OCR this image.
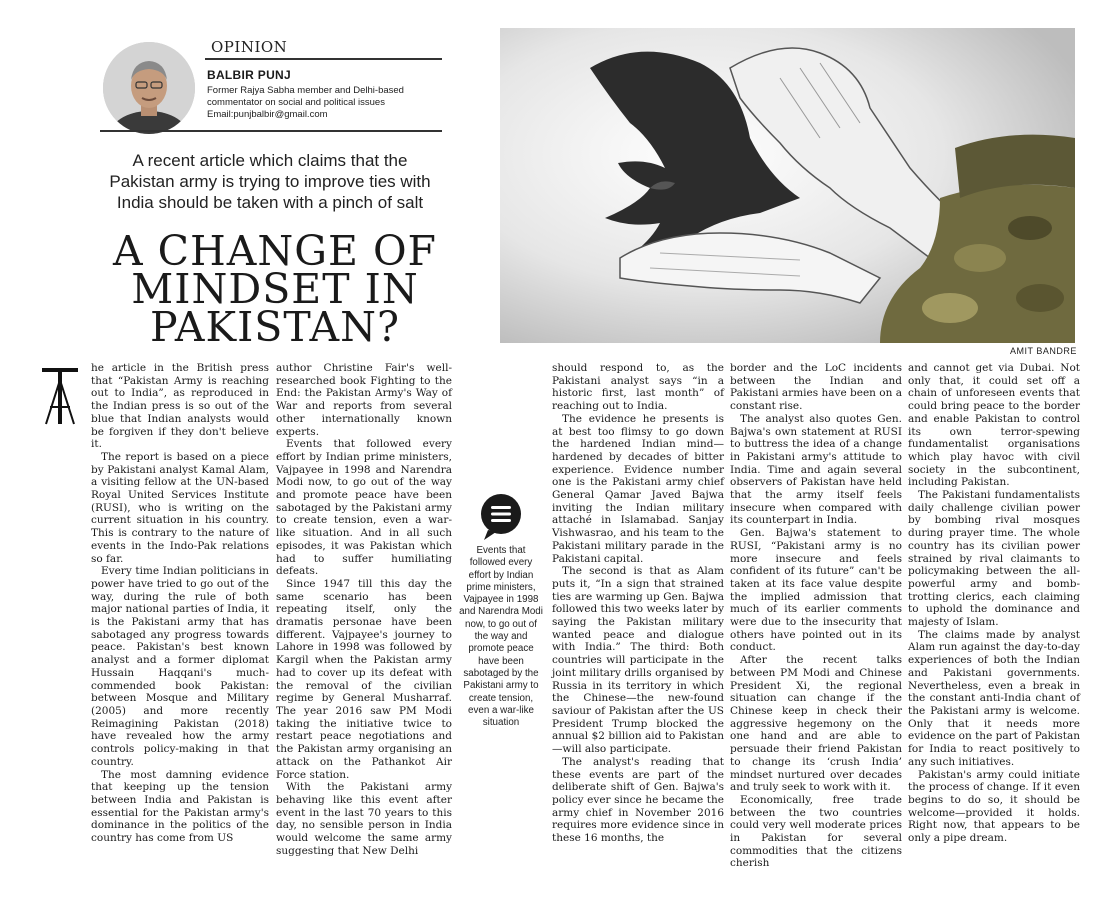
OPINION
BALBIR PUNJ
Former Rajya Sabha member and Delhi-based commentator on social and political issues
Email:punjbalbir@gmail.com
A recent article which claims that the Pakistan army is trying to improve ties with India should be taken with a pinch of salt
A CHANGE OF MINDSET IN PAKISTAN?	AMIT BANDRE

he article in the British press that “Pakistan Army is reaching out to India”, as reproduced in the Indian press is so out of the blue that Indian analysts would be forgiven if they don't believe it.

The report is based on a piece by Pakistani analyst Kamal Alam, a visiting fellow at the UN-based Royal United Services Institute (RUSI), who is writing on the current situation in his country. This is contrary to the nature of events in the Indo-Pak relations so far.

Every time Indian politicians in power have tried to go out of the way, during the rule of both major national parties of India, it is the Pakistani army that has sabotaged any progress towards peace. Pakistan's best known analyst and a former diplomat Hussain Haqqani's much-commended book Pakistan: between Mosque and Military (2005) and more recently Reimagining Pakistan (2018) have revealed how the army controls policy-making in that country.

The most damning evidence that keeping up the tension between India and Pakistan is essential for the Pakistan army's dominance in the politics of the country has come from US

author Christine Fair's well-researched book Fighting to the End: the Pakistan Army's Way of War and reports from several other internationally known experts.

Events that followed every effort by Indian prime ministers, Vajpayee in 1998 and Narendra Modi now, to go out of the way and promote peace have been sabotaged by the Pakistani army to create tension, even a war-like situation. And in all such episodes, it was Pakistan which had to suffer humiliating defeats.

Since 1947 till this day the same scenario has been repeating itself, only the dramatis personae have been different. Vajpayee's journey to Lahore in 1998 was followed by Kargil when the Pakistan army had to cover up its defeat with the removal of the civilian regime by General Musharraf. The year 2016 saw PM Modi taking the initiative twice to restart peace negotiations and the Pakistan army organising an attack on the Pathankot Air Force station.

With the Pakistani army behaving like this event after event in the last 70 years to this day, no sensible person in India would welcome the same army suggesting that New Delhi

Events that followed every effort by Indian prime ministers, Vajpayee in 1998 and Narendra Modi now, to go out of the way and promote peace have been sabotaged by the Pakistani army to create tension, even a war-like situation

should respond to, as the Pakistani analyst says “in a historic first, last month” of reaching out to India.

The evidence he presents is at best too flimsy to go down the hardened Indian mind—hardened by decades of bitter experience. Evidence number one is the Pakistani army chief General Qamar Javed Bajwa inviting the Indian military attaché in Islamabad. Sanjay Vishwasrao, and his team to the Pakistani military parade in the Pakistani capital.

The second is that as Alam puts it, “In a sign that strained ties are warming up Gen. Bajwa followed this two weeks later by saying the Pakistan military wanted peace and dialogue with India.” The third: Both countries will participate in the joint military drills organised by Russia in its territory in which the Chinese—the new-found saviour of Pakistan after the US President Trump blocked the annual $2 billion aid to Pakistan—will also participate.

The analyst's reading that these events are part of the deliberate shift of Gen. Bajwa's policy ever since he became the army chief in November 2016 requires more evidence since in these 16 months, the

border and the LoC incidents between the Indian and Pakistani armies have been on a constant rise.

The analyst also quotes Gen. Bajwa's own statement at RUSI to buttress the idea of a change in Pakistani army's attitude to India. Time and again several observers of Pakistan have held that the army itself feels insecure when compared with its counterpart in India.

Gen. Bajwa's statement to RUSI, “Pakistani army is no more insecure and feels confident of its future” can't be taken at its face value despite the implied admission that much of its earlier comments were due to the insecurity that others have pointed out in its conduct.

After the recent talks between PM Modi and Chinese President Xi, the regional situation can change if the Chinese keep in check their aggressive hegemony on the one hand and are able to persuade their friend Pakistan to change its ‘crush India’ mindset nurtured over decades and truly seek to work with it.

Economically, free trade between the two countries could very well moderate prices in Pakistan for several commodities that the citizens cherish

and cannot get via Dubai. Not only that, it could set off a chain of unforeseen events that could bring peace to the border and enable Pakistan to control its own terror-spewing fundamentalist organisations which play havoc with civil society in the subcontinent, including Pakistan.

The Pakistani fundamentalists daily challenge civilian power by bombing rival mosques during prayer time. The whole country has its civilian power strained by rival claimants to policymaking between the all-powerful army and bomb-trotting clerics, each claiming to uphold the dominance and majesty of Islam.

The claims made by analyst Alam run against the day-to-day experiences of both the Indian and Pakistani governments. Nevertheless, even a break in the constant anti-India chant of the Pakistani army is welcome. Only that it needs more evidence on the part of Pakistan for India to react positively to any such initiatives.

Pakistan's army could initiate the process of change. If it even begins to do so, it should be welcome—provided it holds. Right now, that appears to be only a pipe dream.
